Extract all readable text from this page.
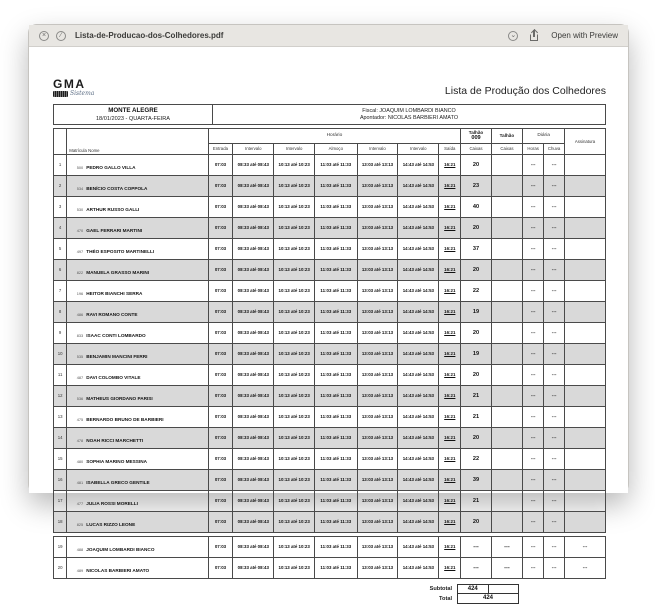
×	∕	Lista-de-Producao-dos-Colhedores.pdf	⌄	Open with Preview
GMA
Sistema	Lista de Produção dos Colhedores
MONTE ALEGRE
18/01/2023 - QUARTA-FEIRA

Fiscal: JOAQUIM LOMBARDI BIANCO
Apontador: NICOLAS BARBIERI AMATO
	Matrícula Nome	Horário							Talhão
009	Talhão	Diária		Assinatura
		Entrada	Intervalo	Intervalo	Almoço	Intervalo	Intervalo	Saída	Caixas	Caixas	Horas	Chuva	
1	500 PEDRO GALLO VILLA	07:03	08:33 até 08:43	10:13 até 10:23	11:03 até 11:33	13:03 até 13:13	14:43 até 14:53	16:21	20		---	---	
2	534 BENÍCIO COSTA COPPOLA	07:03	08:33 até 08:43	10:13 até 10:23	11:03 até 11:33	13:03 até 13:13	14:43 até 14:53	16:21	23		---	---	
3	530 ARTHUR RUSSO GALLI	07:03	08:33 até 08:43	10:13 até 10:23	11:03 até 11:33	13:03 até 13:13	14:43 até 14:53	16:21	40		---	---	
4	470 GAEL FERRARI MARTINI	07:03	08:33 até 08:43	10:13 até 10:23	11:03 até 11:33	13:03 até 13:13	14:43 até 14:53	16:21	20		---	---	
5	497 THÉO ESPOSITO MARTINELLI	07:03	08:33 até 08:43	10:13 até 10:23	11:03 até 11:33	13:03 até 13:13	14:43 até 14:53	16:21	37		---	---	
6	822 MANUELA GRASSO MARINI	07:03	08:33 até 08:43	10:13 até 10:23	11:03 até 11:33	13:03 até 13:13	14:43 até 14:53	16:21	20		---	---	
7	196 HEITOR BIANCHI SERRA	07:03	08:33 até 08:43	10:13 até 10:23	11:03 até 11:33	13:03 até 13:13	14:43 até 14:53	16:21	22		---	---	
8	486 RAVI ROMANO CONTE	07:03	08:33 até 08:43	10:13 até 10:23	11:03 até 11:33	13:03 até 13:13	14:43 até 14:53	16:21	19		---	---	
9	833 ISAAC CONTI LOMBARDO	07:03	08:33 até 08:43	10:13 até 10:23	11:03 até 11:33	13:03 até 13:13	14:43 até 14:53	16:21	20		---	---	
10	535 BENJAMIN MANCINI FERRI	07:03	08:33 até 08:43	10:13 até 10:23	11:03 até 11:33	13:03 até 13:13	14:43 até 14:53	16:21	19		---	---	
11	487 DAVI COLOMBO VITALE	07:03	08:33 até 08:43	10:13 até 10:23	11:03 até 11:33	13:03 até 13:13	14:43 até 14:53	16:21	20		---	---	
12	536 MATHEUS GIORDANO PARISI	07:03	08:33 até 08:43	10:13 até 10:23	11:03 até 11:33	13:03 até 13:13	14:43 até 14:53	16:21	21		---	---	
13	475 BERNARDO BRUNO DE BARBIERI	07:03	08:33 até 08:43	10:13 até 10:23	11:03 até 11:33	13:03 até 13:13	14:43 até 14:53	16:21	21		---	---	
14	478 NOAH RICCI MARCHETTI	07:03	08:33 até 08:43	10:13 até 10:23	11:03 até 11:33	13:03 até 13:13	14:43 até 14:53	16:21	20		---	---	
15	480 SOPHIA MARINO MESSINA	07:03	08:33 até 08:43	10:13 até 10:23	11:03 até 11:33	13:03 até 13:13	14:43 até 14:53	16:21	22		---	---	
16	481 ISABELLA GRECO GENTILE	07:03	08:33 até 08:43	10:13 até 10:23	11:03 até 11:33	13:03 até 13:13	14:43 até 14:53	16:21	39		---	---	
17	477 JULIA ROSSI MORELLI	07:03	08:33 até 08:43	10:13 até 10:23	11:03 até 11:33	13:03 até 13:13	14:43 até 14:53	16:21	21		---	---	
18	825 LUCAS RIZZO LEONE	07:03	08:33 até 08:43	10:13 até 10:23	11:03 até 11:33	13:03 até 13:13	14:43 até 14:53	16:21	20		---	---	
19	488 JOAQUIM LOMBARDI BIANCO	07:03	08:33 até 08:43	10:13 até 10:23	11:03 até 11:33	13:03 até 13:13	14:43 até 14:53	16:21	---	---	---	---	---
20	489 NICOLAS BARBIERI AMATO	07:03	08:33 até 08:43	10:13 até 10:23	11:03 até 11:33	13:03 até 13:13	14:43 até 14:53	16:21	---	---	---	---	---
Subtotal	424
Total	424
